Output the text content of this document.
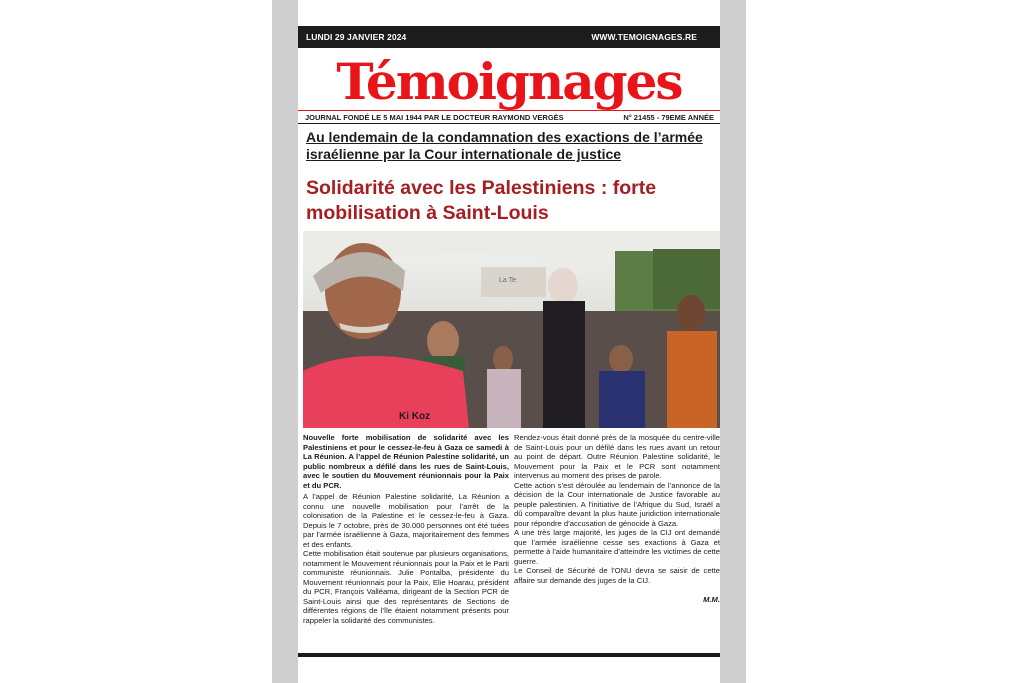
LUNDI 29 JANVIER 2024	WWW.TEMOIGNAGES.RE
Témoignages
JOURNAL FONDÉ LE 5 MAI 1944 PAR LE DOCTEUR RAYMOND VERGÈS	N° 21455 - 79EME ANNÉE
Au lendemain de la condamnation des exactions de l’armée israélienne par la Cour internationale de justice
Solidarité avec les Palestiniens : forte mobilisation à Saint-Louis
La Te
Ki Koz

Nouvelle forte mobilisation de solidarité avec les Palestiniens et pour le cessez-le-feu à Gaza ce samedi à La Réunion. A l’appel de Réunion Palestine solidarité, un public nombreux a défilé dans les rues de Saint-Louis, avec le soutien du Mouvement réunionnais pour la Paix et du PCR.

A l’appel de Réunion Palestine solidarité, La Réunion a connu une nouvelle mobilisation pour l’arrêt de la colonisation de la Palestine et le cessez-le-feu à Gaza. Depuis le 7 octobre, près de 30.000 personnes ont été tuées par l’armée israélienne à Gaza, majoritairement des femmes et des enfants.

Cette mobilisation était soutenue par plusieurs organisations, notamment le Mouvement réunionnais pour la Paix et le Parti communiste réunionnais. Julie Pontalba, présidente du Mouvement réunionnais pour la Paix, Elie Hoarau, président du PCR, François Valléama, dirigeant de la Section PCR de Saint-Louis ainsi que des représentants de Sections de différentes régions de l’île étaient notamment présents pour rappeler la solidarité des communistes.

Rendez-vous était donné près de la mosquée du centre-ville de Saint-Louis pour un défilé dans les rues avant un retour au point de départ. Outre Réunion Palestine solidarité, le Mouvement pour la Paix et le PCR sont notamment intervenus au moment des prises de parole.

Cette action s’est déroulée au lendemain de l’annonce de la décision de la Cour internationale de Justice favorable au peuple palestinien. A l’initiative de l’Afrique du Sud, Israël a dû comparaître devant la plus haute juridiction internationale pour répondre d’accusation de génocide à Gaza.

A une très large majorité, les juges de la CIJ ont demandé que l’armée israélienne cesse ses exactions à Gaza et permette à l’aide humanitaire d’atteindre les victimes de cette guerre.

Le Conseil de Sécurité de l’ONU devra se saisir de cette affaire sur demande des juges de la CIJ.

M.M.
